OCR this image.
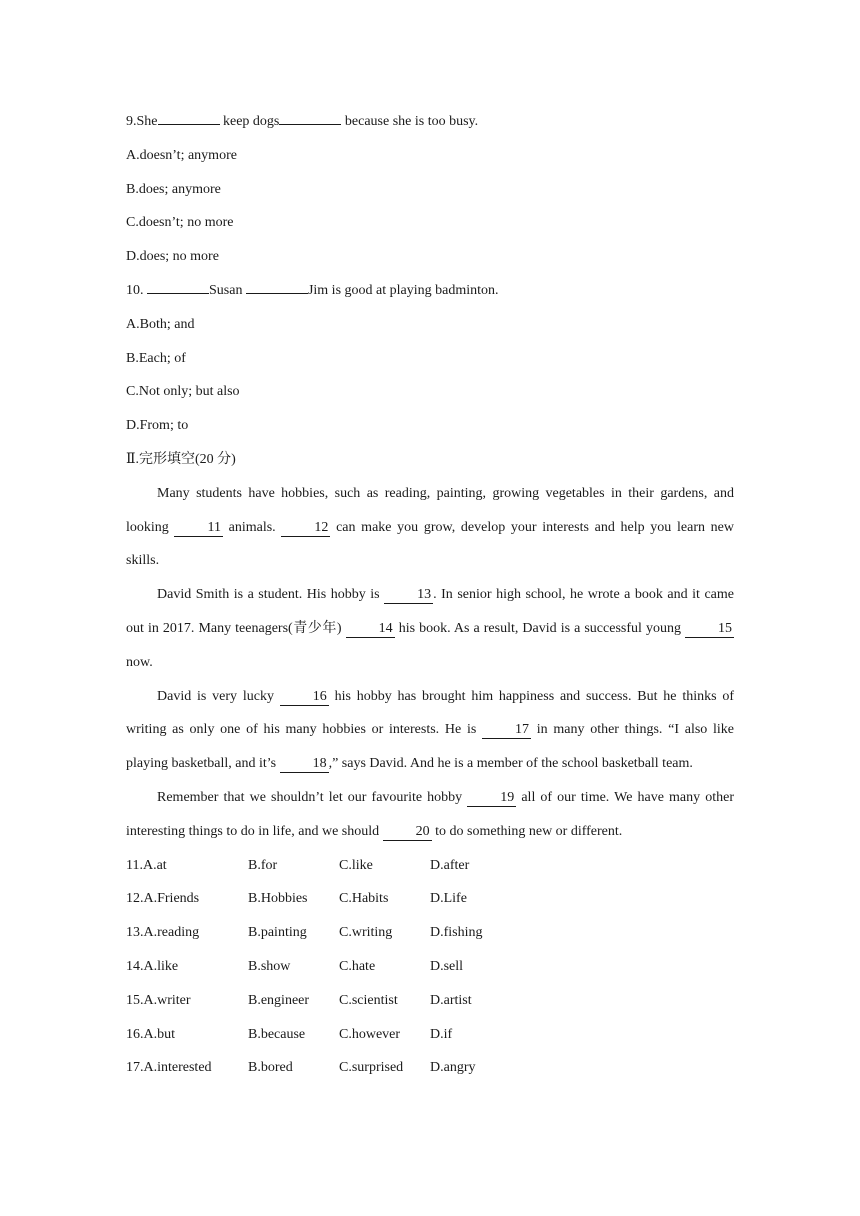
9.She	keep dogs	because she is too busy.
A.doesn’t; anymore
B.does; anymore
C.doesn’t; no more
D.does; no more
10.	Susan	Jim is good at playing badminton.
A.Both; and
B.Each; of
C.Not only; but also
D.From; to
Ⅱ.完形填空(20 分)

Many students have hobbies, such as reading, painting, growing vegetables in their gardens, and looking 11 animals. 12 can make you grow, develop your interests and help you learn new skills.

David Smith is a student. His hobby is 13 . In senior high school, he wrote a book and it came out in 2017. Many teenagers(青少年) 14 his book. As a result, David is a successful young 15 now.

David is very lucky 16 his hobby has brought him happiness and success. But he thinks of writing as only one of his many hobbies or interests. He is 17 in many other things. “I also like playing basketball, and it’s 18 ,” says David. And he is a member of the school basketball team.

Remember that we shouldn’t let our favourite hobby 19 all of our time. We have many other interesting things to do in life, and we should 20 to do something new or different.

11.A.at	B.for	C.like	D.after
12.A.Friends	B.Hobbies C.Habits	D.Life
13.A.reading	B.painting C.writing	D.fishing
14.A.like	B.show	C.hate	D.sell
15.A.writer	B.engineer C.scientist D.artist
16.A.but	B.because C.however D.if
17.A.interested	B.bored	C.surprised D.angry
